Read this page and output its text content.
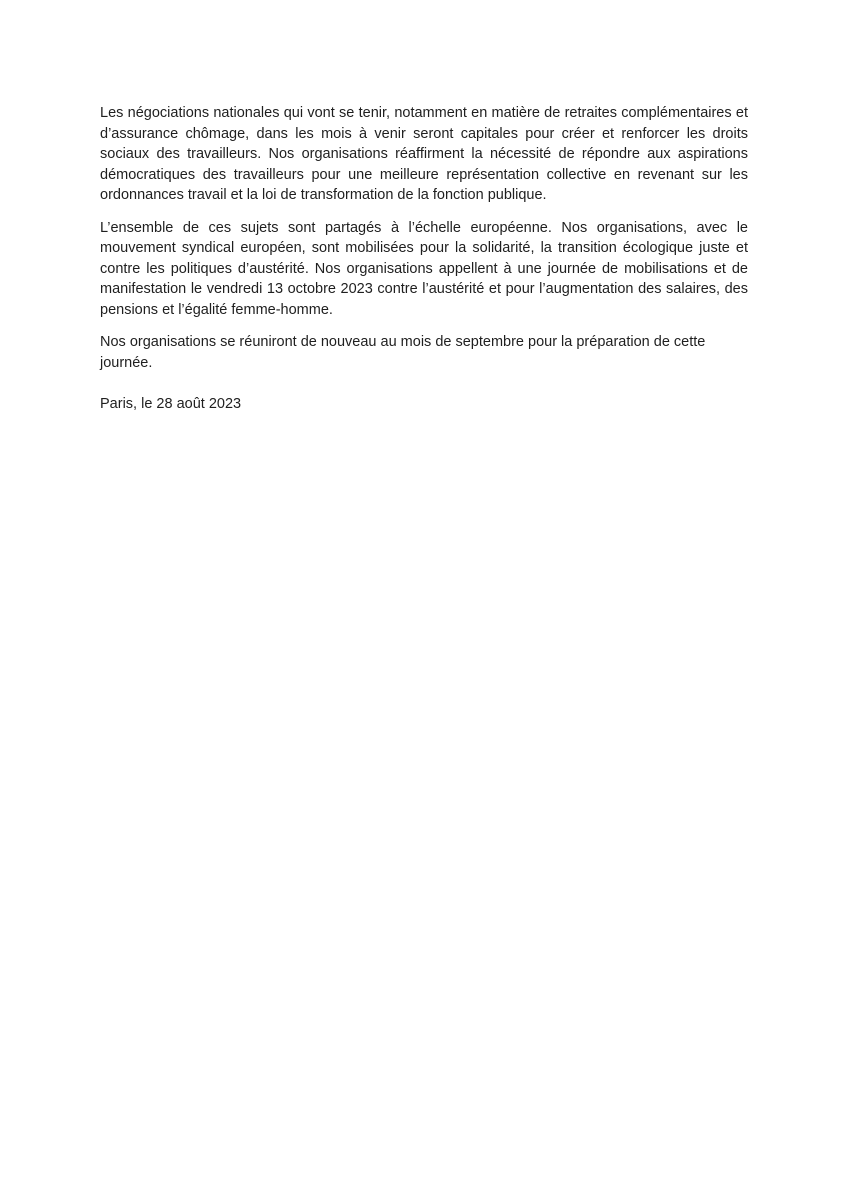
Les négociations nationales qui vont se tenir, notamment en matière de retraites complémentaires et d’assurance chômage, dans les mois à venir seront capitales pour créer et renforcer les droits sociaux des travailleurs. Nos organisations réaffirment la nécessité de répondre aux aspirations démocratiques des travailleurs pour une meilleure représentation collective en revenant sur les ordonnances travail et la loi de transformation de la fonction publique.

L’ensemble de ces sujets sont partagés à l’échelle européenne. Nos organisations, avec le mouvement syndical européen, sont mobilisées pour la solidarité, la transition écologique juste et contre les politiques d’austérité. Nos organisations appellent à une journée de mobilisations et de manifestation le vendredi 13 octobre 2023 contre l’austérité et pour l’augmentation des salaires, des pensions et l’égalité femme-homme.

Nos organisations se réuniront de nouveau au mois de septembre pour la préparation de cette journée.

Paris, le 28 août 2023
